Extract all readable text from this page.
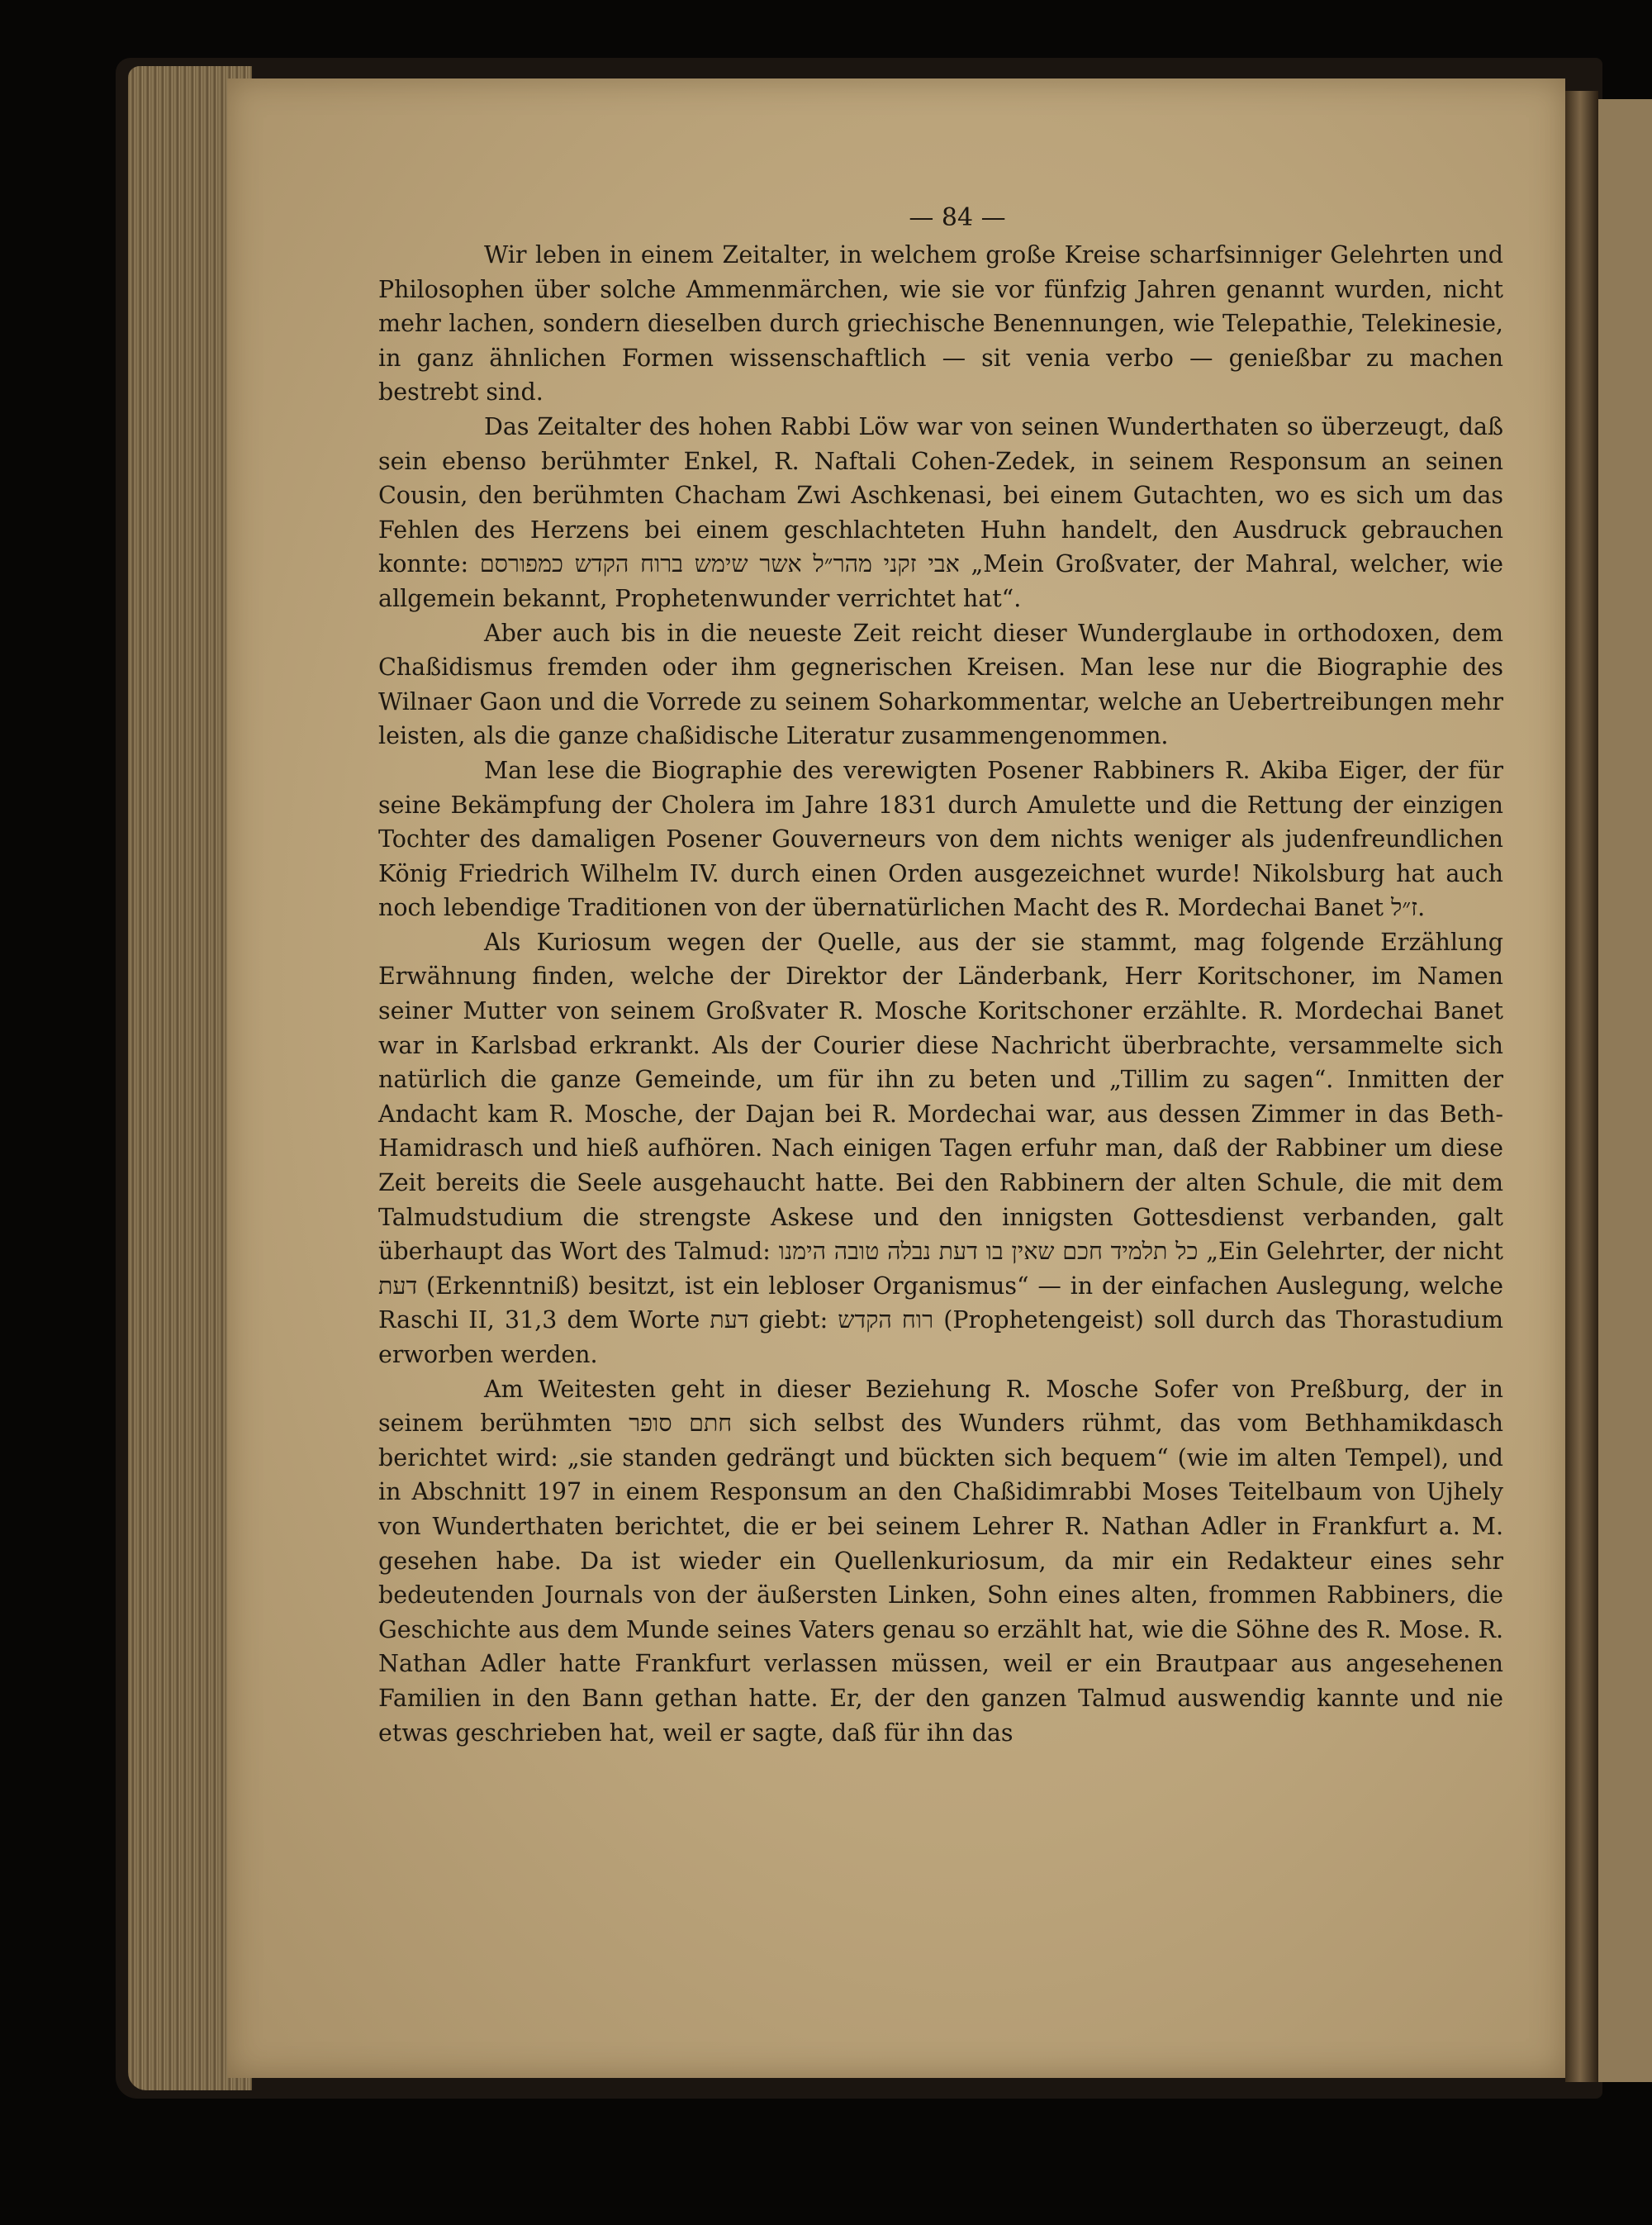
— 84 —

Wir leben in einem Zeitalter, in welchem große Kreise scharfsinniger Gelehrten und Philosophen über solche Ammenmärchen, wie sie vor fünfzig Jahren genannt wurden, nicht mehr lachen, sondern dieselben durch griechische Benennungen, wie Telepathie, Telekinesie, in ganz ähnlichen Formen wissenschaftlich — sit venia verbo — genießbar zu machen bestrebt sind.

Das Zeitalter des hohen Rabbi Löw war von seinen Wunderthaten so überzeugt, daß sein ebenso berühmter Enkel, R. Naftali Cohen-Zedek, in seinem Responsum an seinen Cousin, den berühmten Chacham Zwi Aschkenasi, bei einem Gutachten, wo es sich um das Fehlen des Herzens bei einem geschlachteten Huhn handelt, den Ausdruck gebrauchen konnte: אבי זקני מהר״ל אשר שימש ברוח הקדש כמפורסם „Mein Großvater, der Mahral, welcher, wie allgemein bekannt, Prophetenwunder verrichtet hat“.

Aber auch bis in die neueste Zeit reicht dieser Wunderglaube in orthodoxen, dem Chaßidismus fremden oder ihm gegnerischen Kreisen. Man lese nur die Biographie des Wilnaer Gaon und die Vorrede zu seinem Soharkommentar, welche an Uebertreibungen mehr leisten, als die ganze chaßidische Literatur zusammengenommen.

Man lese die Biographie des verewigten Posener Rabbiners R. Akiba Eiger, der für seine Bekämpfung der Cholera im Jahre 1831 durch Amulette und die Rettung der einzigen Tochter des damaligen Posener Gouverneurs von dem nichts weniger als judenfreundlichen König Friedrich Wilhelm IV. durch einen Orden ausgezeichnet wurde! Nikolsburg hat auch noch lebendige Traditionen von der übernatürlichen Macht des R. Mordechai Banet ז״ל.

Als Kuriosum wegen der Quelle, aus der sie stammt, mag folgende Erzählung Erwähnung finden, welche der Direktor der Länderbank, Herr Koritschoner, im Namen seiner Mutter von seinem Großvater R. Mosche Koritschoner erzählte. R. Mordechai Banet war in Karlsbad erkrankt. Als der Courier diese Nachricht überbrachte, versammelte sich natürlich die ganze Gemeinde, um für ihn zu beten und „Tillim zu sagen“. Inmitten der Andacht kam R. Mosche, der Dajan bei R. Mordechai war, aus dessen Zimmer in das Beth-Hamidrasch und hieß aufhören. Nach einigen Tagen erfuhr man, daß der Rabbiner um diese Zeit bereits die Seele ausgehaucht hatte. Bei den Rabbinern der alten Schule, die mit dem Talmudstudium die strengste Askese und den innigsten Gottesdienst verbanden, galt überhaupt das Wort des Talmud: כל תלמיד חכם שאין בו דעת נבלה טובה הימנו „Ein Gelehrter, der nicht דעת (Erkenntniß) besitzt, ist ein lebloser Organismus“ — in der einfachen Auslegung, welche Raschi II, 31,3 dem Worte דעת giebt: רוח הקדש (Prophetengeist) soll durch das Thorastudium erworben werden.

Am Weitesten geht in dieser Beziehung R. Mosche Sofer von Preßburg, der in seinem berühmten חתם סופר sich selbst des Wunders rühmt, das vom Bethhamikdasch berichtet wird: „sie standen gedrängt und bückten sich bequem“ (wie im alten Tempel), und in Abschnitt 197 in einem Responsum an den Chaßidimrabbi Moses Teitelbaum von Ujhely von Wunderthaten berichtet, die er bei seinem Lehrer R. Nathan Adler in Frankfurt a. M. gesehen habe. Da ist wieder ein Quellenkuriosum, da mir ein Redakteur eines sehr bedeutenden Journals von der äußersten Linken, Sohn eines alten, frommen Rabbiners, die Geschichte aus dem Munde seines Vaters genau so erzählt hat, wie die Söhne des R. Mose. R. Nathan Adler hatte Frankfurt verlassen müssen, weil er ein Brautpaar aus angesehenen Familien in den Bann gethan hatte. Er, der den ganzen Talmud auswendig kannte und nie etwas geschrieben hat, weil er sagte, daß für ihn das
